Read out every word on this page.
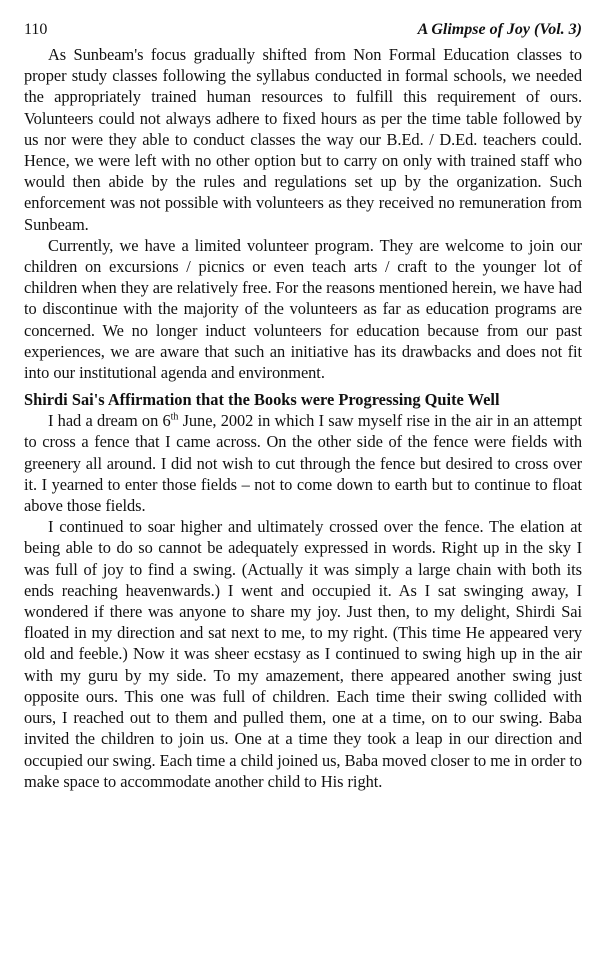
110	A Glimpse of Joy (Vol. 3)

As Sunbeam's focus gradually shifted from Non Formal Education classes to proper study classes following the syllabus conducted in formal schools, we needed the appropriately trained human resources to fulfill this requirement of ours. Volunteers could not always adhere to fixed hours as per the time table followed by us nor were they able to conduct classes the way our B.Ed. / D.Ed. teachers could. Hence, we were left with no other option but to carry on only with trained staff who would then abide by the rules and regulations set up by the organization. Such enforcement was not possible with volunteers as they received no remuneration from Sunbeam.

Currently, we have a limited volunteer program. They are welcome to join our children on excursions / picnics or even teach arts / craft to the younger lot of children when they are relatively free. For the reasons mentioned herein, we have had to discontinue with the majority of the volunteers as far as education programs are concerned. We no longer induct volunteers for education because from our past experiences, we are aware that such an initiative has its drawbacks and does not fit into our institutional agenda and environment.

Shirdi Sai's Affirmation that the Books were Progressing Quite Well

I had a dream on 6th June, 2002 in which I saw myself rise in the air in an attempt to cross a fence that I came across. On the other side of the fence were fields with greenery all around. I did not wish to cut through the fence but desired to cross over it. I yearned to enter those fields – not to come down to earth but to continue to float above those fields.

I continued to soar higher and ultimately crossed over the fence. The elation at being able to do so cannot be adequately expressed in words. Right up in the sky I was full of joy to find a swing. (Actually it was simply a large chain with both its ends reaching heavenwards.) I went and occupied it. As I sat swinging away, I wondered if there was anyone to share my joy. Just then, to my delight, Shirdi Sai floated in my direction and sat next to me, to my right. (This time He appeared very old and feeble.) Now it was sheer ecstasy as I continued to swing high up in the air with my guru by my side. To my amazement, there appeared another swing just opposite ours. This one was full of children. Each time their swing collided with ours, I reached out to them and pulled them, one at a time, on to our swing. Baba invited the children to join us. One at a time they took a leap in our direction and occupied our swing. Each time a child joined us, Baba moved closer to me in order to make space to accommodate another child to His right.
